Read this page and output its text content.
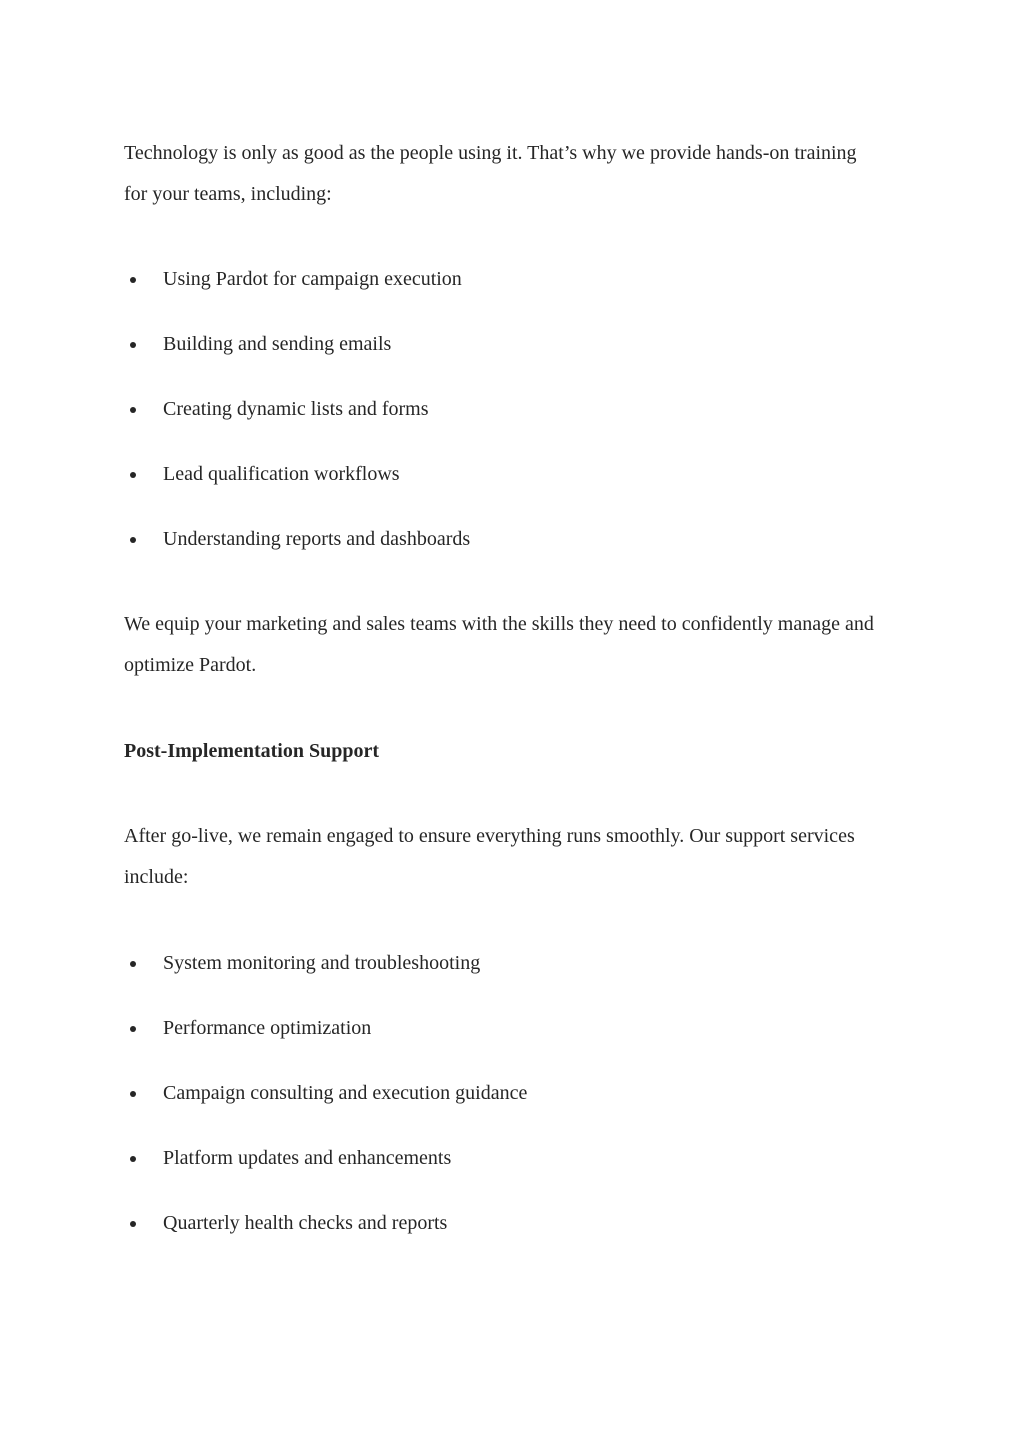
Technology is only as good as the people using it. That’s why we provide hands-on training
for your teams, including:
Using Pardot for campaign execution
Building and sending emails
Creating dynamic lists and forms
Lead qualification workflows
Understanding reports and dashboards
We equip your marketing and sales teams with the skills they need to confidently manage and
optimize Pardot.
Post-Implementation Support
After go-live, we remain engaged to ensure everything runs smoothly. Our support services
include:
System monitoring and troubleshooting
Performance optimization
Campaign consulting and execution guidance
Platform updates and enhancements
Quarterly health checks and reports
